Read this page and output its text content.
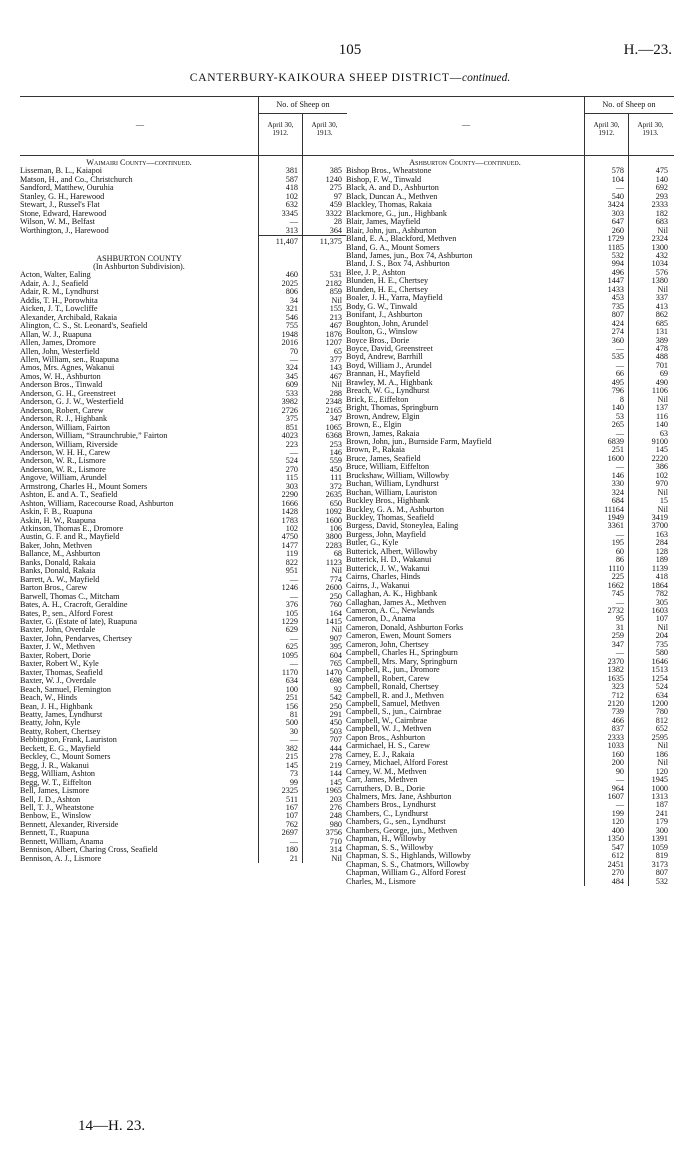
105	H.—23.
CANTERBURY-KAIKOURA SHEEP DISTRICT—continued.
—
No. of Sheep on
April 30, 1912.
April 30, 1913.
Waimairi County—continued.
Lisseman, B. L., Kaiapoi	381	385
Matson, H., and Co., Christchurch	587	1240
Sandford, Matthew, Ouruhia	418	275
Stanley, G. H., Harewood	102	97
Stewart, J., Russel's Flat	632	459
Stone, Edward, Harewood	3345	3322
Wilson, W. M., Belfast	—	28
Worthington, J., Harewood	313	364
11,407	11,375
ASHBURTON COUNTY
(In Ashburton Subdivision).
Acton, Walter, Ealing	460	531
Adair, A. J., Seafield	2025	2182
Adair, R. M., Lyndhurst	806	859
Addis, T. H., Porowhita	34	Nil
Aicken, J. T., Lowcliffe	321	155
Alexander, Archibald, Rakaia	546	213
Alington, C. S., St. Leonard's, Seafield	755	467
Allan, W. J., Ruapuna	1948	1876
Allen, James, Dromore	2016	1207
Allen, John, Westerfield	70	65
Allen, William, sen., Ruapuna	—	377
Amos, Mrs. Agnes, Wakanui	324	143
Amos, W. H., Ashburton	345	467
Anderson Bros., Tinwald	609	Nil
Anderson, G. H., Greenstreet	533	288
Anderson, G. J. W., Westerfield	3982	2348
Anderson, Robert, Carew	2726	2165
Anderson, R. J., Highbank	375	347
Anderson, William, Fairton	851	1065
Anderson, William, “Straunchrubie,” Fairton	4023	6368
Anderson, William, Riverside	223	253
Anderson, W. H. H., Carew	—	146
Anderson, W. R., Lismore	524	559
Anderson, W. R., Lismore	270	450
Angove, William, Arundel	115	111
Armstrong, Charles H., Mount Somers	303	372
Ashton, E. and A. T., Seafield	2290	2635
Ashton, William, Racecourse Road, Ashburton	1666	650
Askin, F. B., Ruapuna	1428	1092
Askin, H. W., Ruapuna	1783	1600
Atkinson, Thomas E., Dromore	102	106
Austin, G. F. and R., Mayfield	4750	3800
Baker, John, Methven	1477	2283
Ballance, M., Ashburton	119	68
Banks, Donald, Rakaia	822	1123
Banks, Donald, Rakaia	951	Nil
Barrett, A. W., Mayfield	—	774
Barton Bros., Carew	1246	2600
Barwell, Thomas C., Mitcham	—	250
Bates, A. H., Cracroft, Geraldine	376	760
Bates, P., sen., Alford Forest	105	164
Baxter, G. (Estate of late), Ruapuna	1229	1415
Baxter, John, Overdale	629	Nil
Baxter, John, Pendarves, Chertsey	—	907
Baxter, J. W., Methven	625	395
Baxter, Robert, Dorie	1095	604
Baxter, Robert W., Kyle	—	765
Baxter, Thomas, Seafield	1170	1470
Baxter, W. J., Overdale	634	698
Beach, Samuel, Flemington	100	92
Beach, W., Hinds	251	542
Bean, J. H., Highbank	156	250
Beatty, James, Lyndhurst	81	291
Beatty, John, Kyle	500	450
Beatty, Robert, Chertsey	30	503
Bebbington, Frank, Lauriston	—	707
Beckett, E. G., Mayfield	382	444
Beckley, C., Mount Somers	215	278
Begg, J. R., Wakanui	145	219
Begg, William, Ashton	73	144
Begg, W. T., Eiffelton	99	145
Bell, James, Lismore	2325	1965
Bell, J. D., Ashton	511	203
Bell, T. J., Wheatstone	167	276
Benbow, E., Winslow	107	248
Bennett, Alexander, Riverside	762	980
Bennett, T., Ruapuna	2697	3756
Bennett, William, Anama	—	710
Bennison, Albert, Charing Cross, Seafield	180	314
Bennison, A. J., Lismore	21	Nil
—
No. of Sheep on
April 30, 1912.
April 30, 1913.
Ashburton County—continued.
Bishop Bros., Wheatstone	578	475
Bishop, F. W., Tinwald	104	140
Black, A. and D., Ashburton	—	692
Black, Duncan A., Methven	540	293
Blackley, Thomas, Rakaia	3424	2333
Blackmore, G., jun., Highbank	303	182
Blair, James, Mayfield	647	683
Blair, John, jun., Ashburton	260	Nil
Bland, E. A., Blackford, Methven	1729	2324
Bland, G. A., Mount Somers	1185	1300
Bland, James, jun., Box 74, Ashburton	532	432
Bland, J. S., Box 74, Ashburton	994	1034
Blee, J. P., Ashton	496	576
Blunden, H. E., Chertsey	1447	1380
Blunden, H. E., Chertsey	1433	Nil
Boaler, J. H., Yarra, Mayfield	453	337
Body, G. W., Tinwald	735	413
Bonifant, J., Ashburton	807	862
Boughton, John, Arundel	424	685
Boulton, G., Winslow	274	131
Boyce Bros., Dorie	360	389
Boyce, David, Greenstreet	—	478
Boyd, Andrew, Barrhill	535	488
Boyd, William J., Arundel	—	701
Brannan, H., Mayfield	66	69
Brawley, M. A., Highbank	495	490
Breach, W. G., Lyndhurst	796	1106
Brick, E., Eiffelton	8	Nil
Bright, Thomas, Springburn	140	137
Brown, Andrew, Elgin	53	116
Brown, E., Elgin	265	140
Brown, James, Rakaia	—	63
Brown, John, jun., Burnside Farm, Mayfield	6839	9100
Brown, P., Rakaia	251	145
Bruce, James, Seafield	1600	2220
Bruce, William, Eiffelton	—	386
Bruckshaw, William, Willowby	146	102
Buchan, William, Lyndhurst	330	970
Buchan, William, Lauriston	324	Nil
Buckley Bros., Highbank	684	15
Buckley, G. A. M., Ashburton	11164	Nil
Buckley, Thomas, Seafield	1949	3419
Burgess, David, Stoneylea, Ealing	3361	3700
Burgess, John, Mayfield	—	163
Butler, G., Kyle	195	284
Butterick, Albert, Willowby	60	128
Butterick, H. D., Wakanui	86	189
Butterick, J. W., Wakanui	1110	1139
Cairns, Charles, Hinds	225	418
Cairns, J., Wakanui	1662	1864
Callaghan, A. K., Highbank	745	782
Callaghan, James A., Methven	—	305
Cameron, A. C., Newlands	2732	1603
Cameron, D., Anama	95	107
Cameron, Donald, Ashburton Forks	31	Nil
Cameron, Ewen, Mount Somers	259	204
Cameron, John, Chertsey	347	735
Campbell, Charles H., Springburn	—	580
Campbell, Mrs. Mary, Springburn	2370	1646
Campbell, R., jun., Dromore	1382	1513
Campbell, Robert, Carew	1635	1254
Campbell, Ronald, Chertsey	323	524
Campbell, R. and J., Methven	712	634
Campbell, Samuel, Methven	2120	1200
Campbell, S., jun., Cairnbrae	739	780
Campbell, W., Cairnbrae	466	812
Campbell, W. J., Methven	837	652
Capon Bros., Ashburton	2333	2595
Carmichael, H. S., Carew	1033	Nil
Carney, E. J., Rakaia	160	186
Carney, Michael, Alford Forest	200	Nil
Carney, W. M., Methven	90	120
Carr, James, Methven	—	1945
Carruthers, D. B., Dorie	964	1000
Chalmers, Mrs. Jane, Ashburton	1607	1313
Chambers Bros., Lyndhurst	—	187
Chambers, C., Lyndhurst	199	241
Chambers, G., sen., Lyndhurst	120	179
Chambers, George, jun., Methven	400	300
Chapman, H., Willowby	1350	1391
Chapman, S. S., Willowby	547	1059
Chapman, S. S., Highlands, Willowby	612	819
Chapman, S. S., Chatmors, Willowby	2451	3173
Chapman, William G., Alford Forest	270	807
Charles, M., Lismore	484	532
14—H. 23.
